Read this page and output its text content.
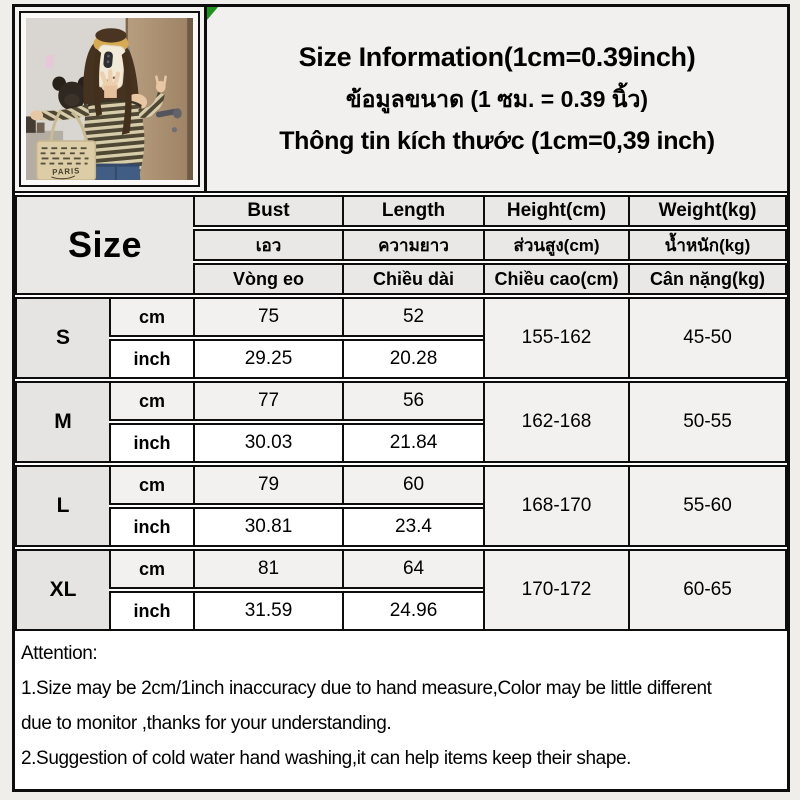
PARIS
Size Information(1cm=0.39inch)
ข้อมูลขนาด (1 ซม. = 0.39 นิ้ว)
Thông tin kích thước (1cm=0,39 inch)
Size		Bust	Length	Height(cm)	Weight(kg)
		เอว	ความยาว	ส่วนสูง(cm)	น้ำหนัก(kg)
		Vòng eo	Chiều dài	Chiều cao(cm)	Cân nặng(kg)
S	cm	75	52	155-162	45-50
	inch	29.25	20.28		
M	cm	77	56	162-168	50-55
	inch	30.03	21.84		
L	cm	79	60	168-170	55-60
	inch	30.81	23.4		
XL	cm	81	64	170-172	60-65
	inch	31.59	24.96		
Attention:
1.Size may be 2cm/1inch inaccuracy due to hand measure,Color may be little different
due to monitor ,thanks for your understanding.
2.Suggestion of cold water hand washing,it can help items keep their shape.
